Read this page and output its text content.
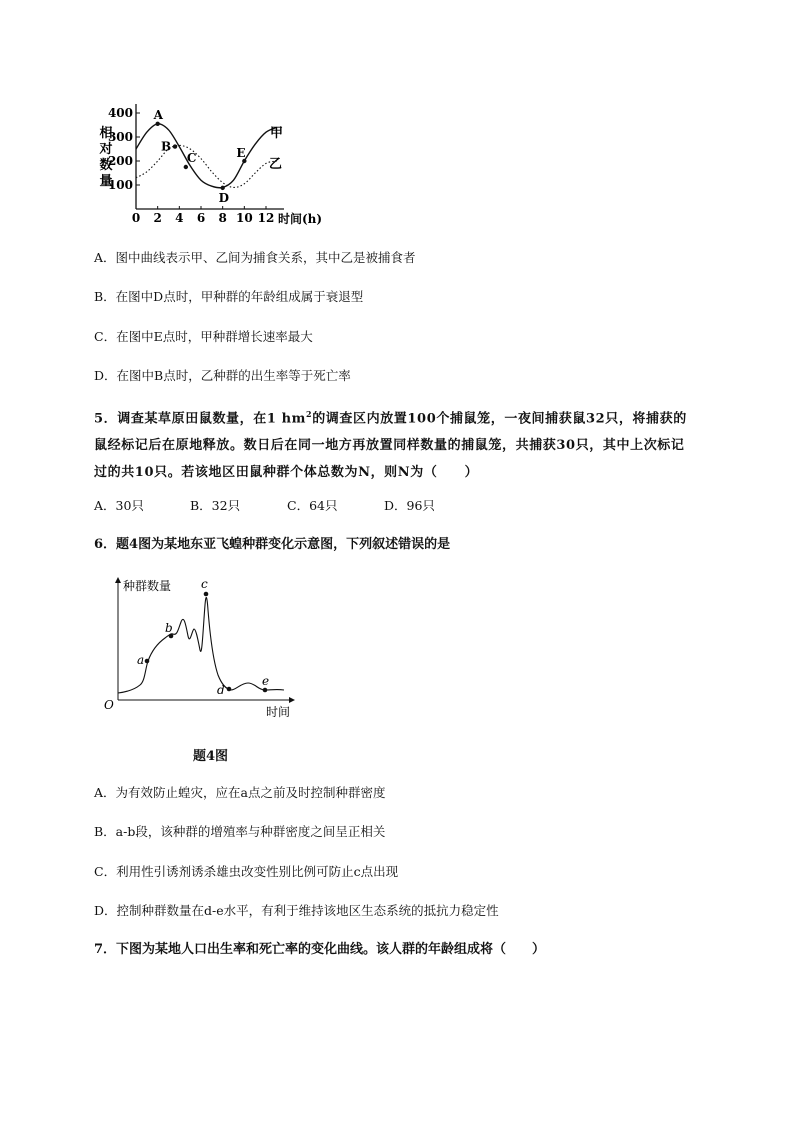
100
200
300
400
0 2 4 6 8 10 12
相
对
数
量
时间(h)
A
B
C
D
E
甲
乙
A．图中曲线表示甲、乙间为捕食关系，其中乙是被捕食者
B．在图中D点时，甲种群的年龄组成属于衰退型
C．在图中E点时，甲种群增长速率最大
D．在图中B点时，乙种群的出生率等于死亡率
5．调查某草原田鼠数量，在1 $hm^2$的调查区内放置100个捕鼠笼，一夜间捕获鼠32只，将捕获的鼠经标记后在原地释放。数日后在同一地方再放置同样数量的捕鼠笼，共捕获30只，其中上次标记过的共10只。若该地区田鼠种群个体总数为N，则N为（　　）
A．30只	B．32只	C．64只	D．96只
6．题4图为某地东亚飞蝗种群变化示意图，下列叙述错误的是
种群数量
时间
O
a
b
c
d
e
题4图
A．为有效防止蝗灾，应在a点之前及时控制种群密度
B．a-b段，该种群的增殖率与种群密度之间呈正相关
C．利用性引诱剂诱杀雄虫改变性别比例可防止c点出现
D．控制种群数量在d-e水平，有利于维持该地区生态系统的抵抗力稳定性
7．下图为某地人口出生率和死亡率的变化曲线。该人群的年龄组成将（　　）
